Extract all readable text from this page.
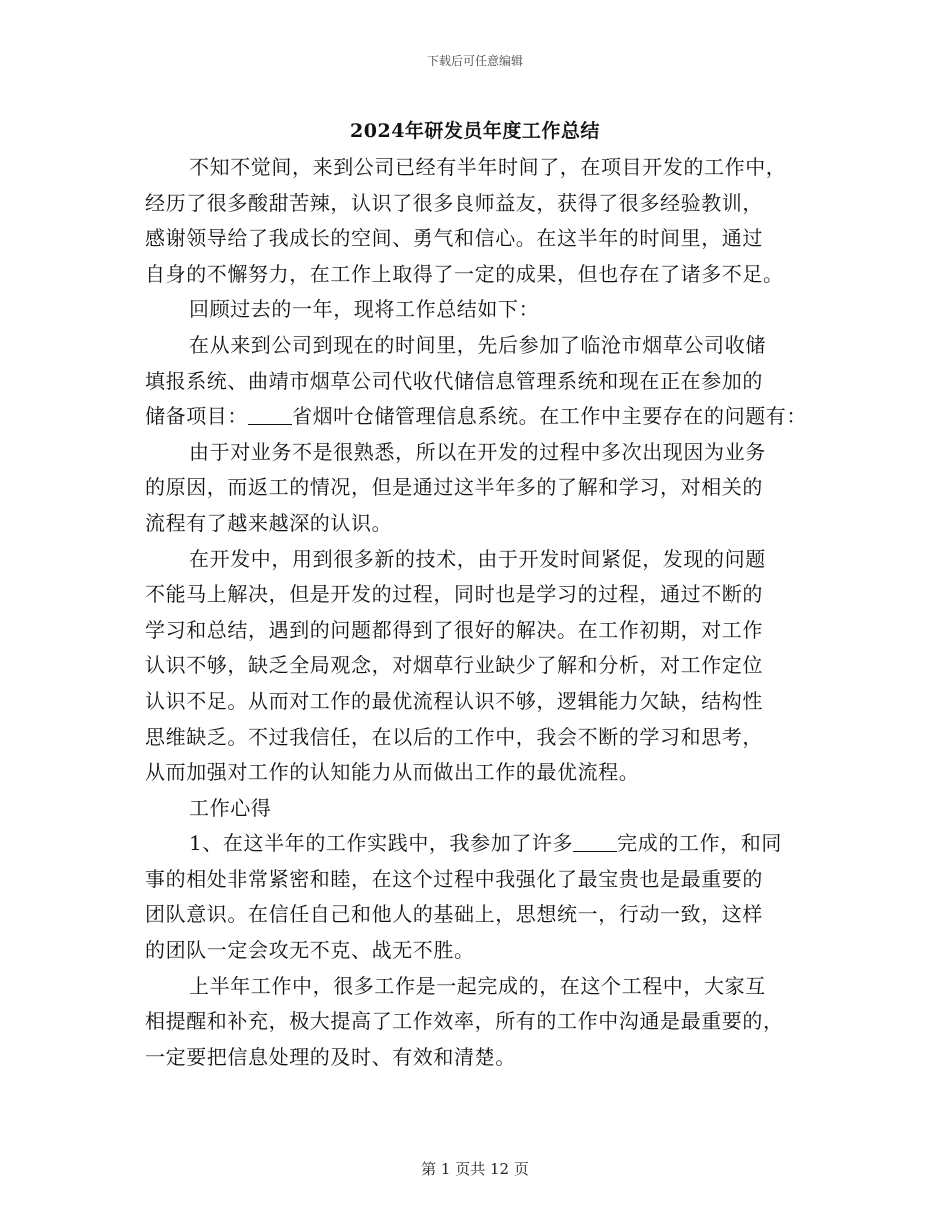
下载后可任意编辑
2024年研发员年度工作总结
不知不觉间，来到公司已经有半年时间了，在项目开发的工作中，
经历了很多酸甜苦辣，认识了很多良师益友，获得了很多经验教训，
感谢领导给了我成长的空间、勇气和信心。在这半年的时间里，通过
自身的不懈努力，在工作上取得了一定的成果，但也存在了诸多不足。
回顾过去的一年，现将工作总结如下：
在从来到公司到现在的时间里，先后参加了临沧市烟草公司收储
填报系统、曲靖市烟草公司代收代储信息管理系统和现在正在参加的
储备项目： 省烟叶仓储管理信息系统。在工作中主要存在的问题有：
由于对业务不是很熟悉，所以在开发的过程中多次出现因为业务
的原因，而返工的情况，但是通过这半年多的了解和学习，对相关的
流程有了越来越深的认识。
在开发中，用到很多新的技术，由于开发时间紧促，发现的问题
不能马上解决，但是开发的过程，同时也是学习的过程，通过不断的
学习和总结，遇到的问题都得到了很好的解决。在工作初期，对工作
认识不够，缺乏全局观念，对烟草行业缺少了解和分析，对工作定位
认识不足。从而对工作的最优流程认识不够，逻辑能力欠缺，结构性
思维缺乏。不过我信任，在以后的工作中，我会不断的学习和思考，
从而加强对工作的认知能力从而做出工作的最优流程。
工作心得
1、在这半年的工作实践中，我参加了许多 完成的工作，和同
事的相处非常紧密和睦，在这个过程中我强化了最宝贵也是最重要的
团队意识。在信任自己和他人的基础上，思想统一，行动一致，这样
的团队一定会攻无不克、战无不胜。
上半年工作中，很多工作是一起完成的，在这个工程中，大家互
相提醒和补充，极大提高了工作效率，所有的工作中沟通是最重要的，
一定要把信息处理的及时、有效和清楚。
第 1 页共 12 页
